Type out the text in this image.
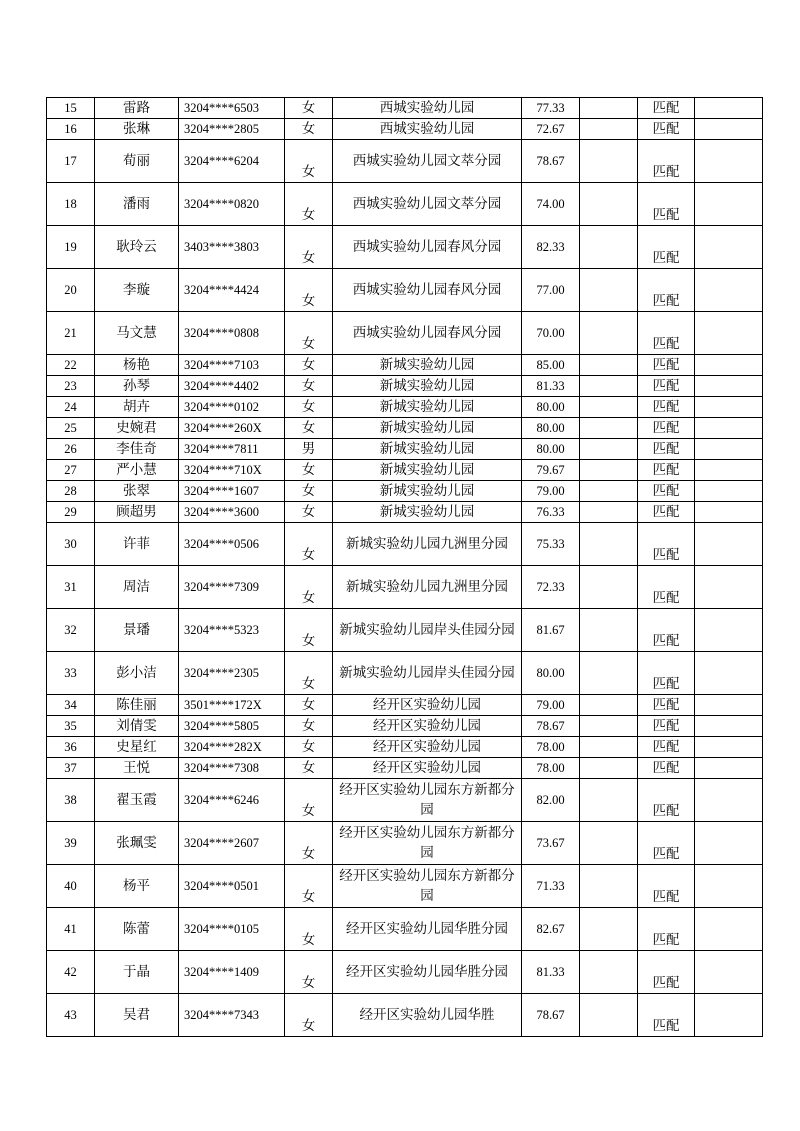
15	雷路	3204****6503	女	西城实验幼儿园	77.33		匹配	
16	张琳	3204****2805	女	西城实验幼儿园	72.67		匹配	
17	荀丽	3204****6204	女	西城实验幼儿园文萃分园	78.67		匹配	
18	潘雨	3204****0820	女	西城实验幼儿园文萃分园	74.00		匹配	
19	耿玲云	3403****3803	女	西城实验幼儿园春风分园	82.33		匹配	
20	李璇	3204****4424	女	西城实验幼儿园春风分园	77.00		匹配	
21	马文慧	3204****0808	女	西城实验幼儿园春风分园	70.00		匹配	
22	杨艳	3204****7103	女	新城实验幼儿园	85.00		匹配	
23	孙琴	3204****4402	女	新城实验幼儿园	81.33		匹配	
24	胡卉	3204****0102	女	新城实验幼儿园	80.00		匹配	
25	史婉君	3204****260X	女	新城实验幼儿园	80.00		匹配	
26	李佳奇	3204****7811	男	新城实验幼儿园	80.00		匹配	
27	严小慧	3204****710X	女	新城实验幼儿园	79.67		匹配	
28	张翠	3204****1607	女	新城实验幼儿园	79.00		匹配	
29	顾超男	3204****3600	女	新城实验幼儿园	76.33		匹配	
30	许菲	3204****0506	女	新城实验幼儿园九洲里分园	75.33		匹配	
31	周洁	3204****7309	女	新城实验幼儿园九洲里分园	72.33		匹配	
32	景璠	3204****5323	女	新城实验幼儿园岸头佳园分园	81.67		匹配	
33	彭小洁	3204****2305	女	新城实验幼儿园岸头佳园分园	80.00		匹配	
34	陈佳丽	3501****172X	女	经开区实验幼儿园	79.00		匹配	
35	刘倩雯	3204****5805	女	经开区实验幼儿园	78.67		匹配	
36	史星红	3204****282X	女	经开区实验幼儿园	78.00		匹配	
37	王悦	3204****7308	女	经开区实验幼儿园	78.00		匹配	
38	翟玉霞	3204****6246	女	经开区实验幼儿园东方新都分园	82.00		匹配	
39	张珮雯	3204****2607	女	经开区实验幼儿园东方新都分园	73.67		匹配	
40	杨平	3204****0501	女	经开区实验幼儿园东方新都分园	71.33		匹配	
41	陈蕾	3204****0105	女	经开区实验幼儿园华胜分园	82.67		匹配	
42	于晶	3204****1409	女	经开区实验幼儿园华胜分园	81.33		匹配	
43	吴君	3204****7343	女	经开区实验幼儿园华胜	78.67		匹配	
